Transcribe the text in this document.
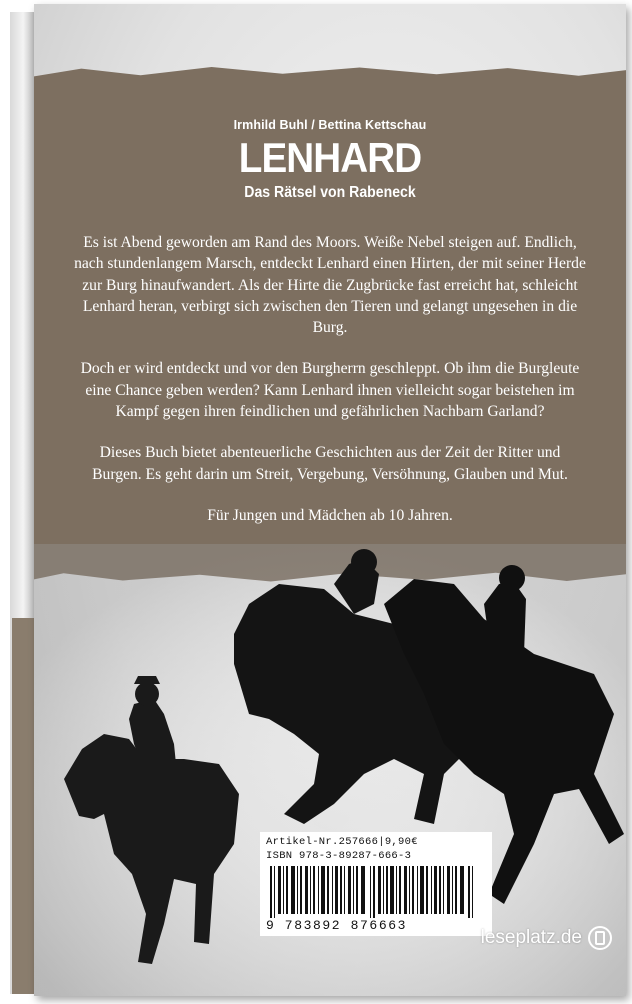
Irmhild Buhl / Bettina Kettschau
LENHARD
Das Rätsel von Rabeneck

Es ist Abend geworden am Rand des Moors. Weiße Nebel steigen auf. Endlich, nach stundenlangem Marsch, entdeckt Lenhard einen Hirten, der mit seiner Herde zur Burg hinaufwandert. Als der Hirte die Zugbrücke fast erreicht hat, schleicht Lenhard heran, verbirgt sich zwischen den Tieren und gelangt ungesehen in die Burg.

Doch er wird entdeckt und vor den Burgherrn geschleppt. Ob ihm die Burgleute eine Chance geben werden? Kann Lenhard ihnen vielleicht sogar beistehen im Kampf gegen ihren feindlichen und gefährlichen Nachbarn Garland?

Dieses Buch bietet abenteuerliche Geschichten aus der Zeit der Ritter und Burgen. Es geht darin um Streit, Vergebung, Versöhnung, Glauben und Mut.

Für Jungen und Mädchen ab 10 Jahren.

Artikel-Nr.257666|9,90€
ISBN 978-3-89287-666-3
9 783892 876663
leseplatz.de
